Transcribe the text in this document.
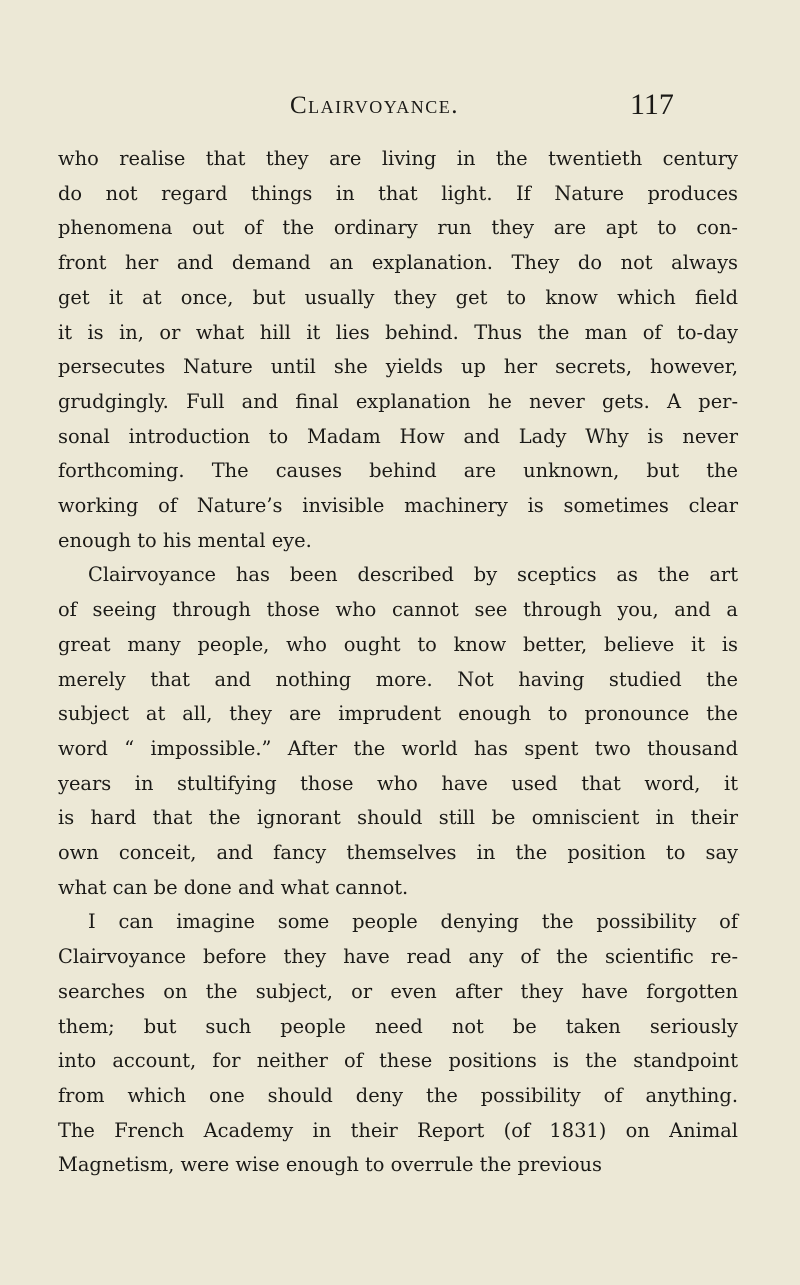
Clairvoyance.	117
who realise that they are living in the twentieth century
do not regard things in that light. If Nature produces
phenomena out of the ordinary run they are apt to con-
front her and demand an explanation. They do not always
get it at once, but usually they get to know which field
it is in, or what hill it lies behind. Thus the man of to-day
persecutes Nature until she yields up her secrets, however,
grudgingly. Full and final explanation he never gets. A per-
sonal introduction to Madam How and Lady Why is never
forthcoming. The causes behind are unknown, but the
working of Nature’s invisible machinery is sometimes clear
enough to his mental eye.
Clairvoyance has been described by sceptics as the art
of seeing through those who cannot see through you, and a
great many people, who ought to know better, believe it is
merely that and nothing more. Not having studied the
subject at all, they are imprudent enough to pronounce the
word “ impossible.” After the world has spent two thousand
years in stultifying those who have used that word, it
is hard that the ignorant should still be omniscient in their
own conceit, and fancy themselves in the position to say
what can be done and what cannot.
I can imagine some people denying the possibility of
Clairvoyance before they have read any of the scientific re-
searches on the subject, or even after they have forgotten
them; but such people need not be taken seriously
into account, for neither of these positions is the standpoint
from which one should deny the possibility of anything.
The French Academy in their Report (of 1831) on Animal
Magnetism, were wise enough to overrule the previous
